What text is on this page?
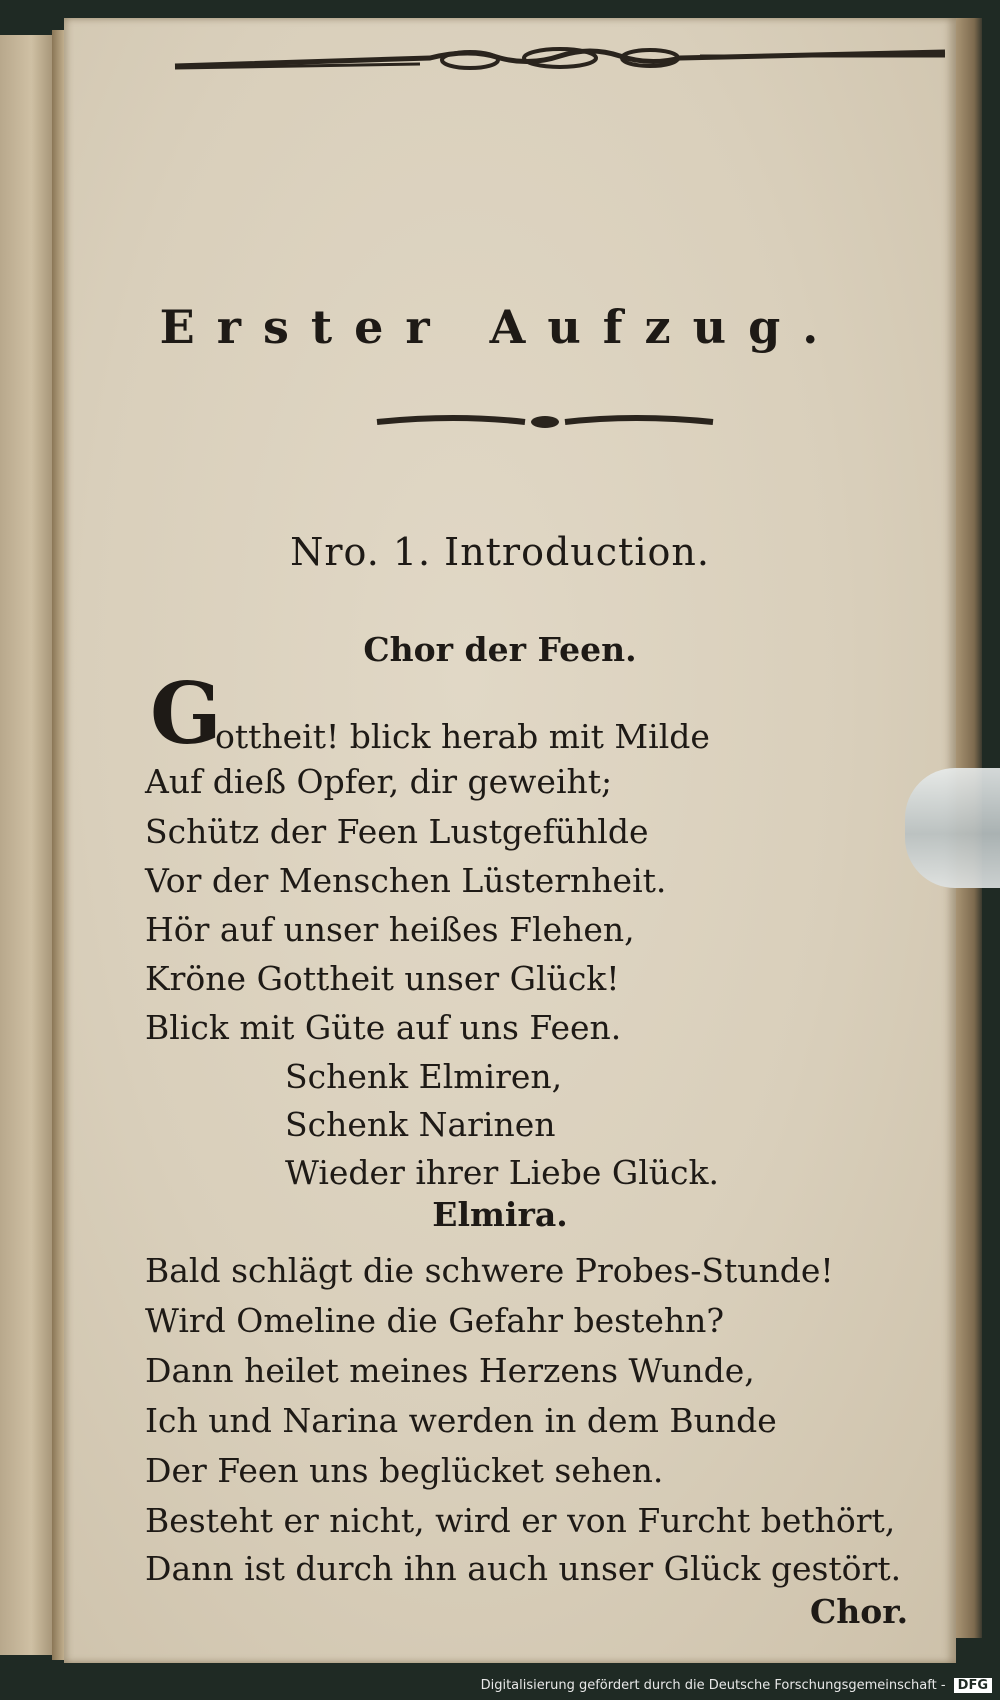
Erster Aufzug.
Nro. 1. Introduction.
Chor der Feen.
G
ottheit! blick herab mit Milde
Auf dieß Opfer, dir geweiht;
Schütz der Feen Lustgefühlde
Vor der Menschen Lüsternheit.
Hör auf unser heißes Flehen,
Kröne Gottheit unser Glück!
Blick mit Güte auf uns Feen.
Schenk Elmiren,
Schenk Narinen
Wieder ihrer Liebe Glück.
Elmira.
Bald schlägt die schwere Probes-Stunde!
Wird Omeline die Gefahr bestehn?
Dann heilet meines Herzens Wunde,
Ich und Narina werden in dem Bunde
Der Feen uns beglücket sehen.
Besteht er nicht, wird er von Furcht bethört,
Dann ist durch ihn auch unser Glück gestört.
Chor.
Digitalisierung gefördert durch die Deutsche Forschungsgemeinschaft - DFG
